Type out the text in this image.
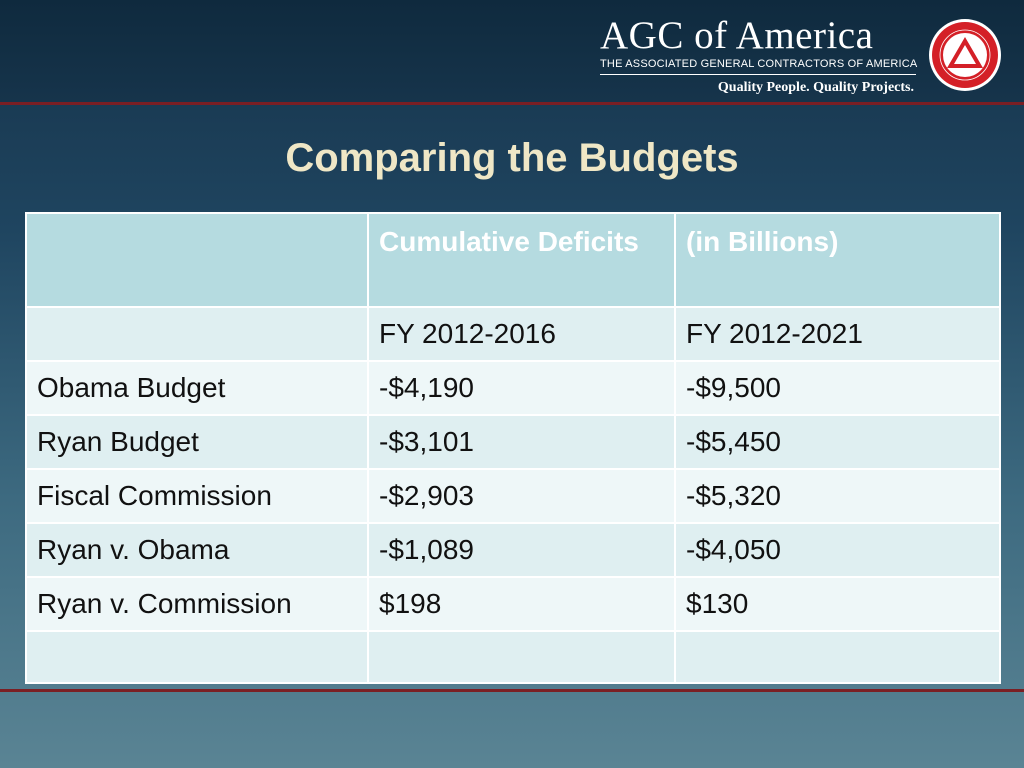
AGC of America
THE ASSOCIATED GENERAL CONTRACTORS OF AMERICA
Quality People. Quality Projects.
Comparing the Budgets
	Cumulative Deficits	(in Billions)
	FY 2012-2016	FY 2012-2021
Obama Budget	-$4,190	-$9,500
Ryan Budget	-$3,101	-$5,450
Fiscal Commission	-$2,903	-$5,320
Ryan v. Obama	-$1,089	-$4,050
Ryan v. Commission	$198	$130
